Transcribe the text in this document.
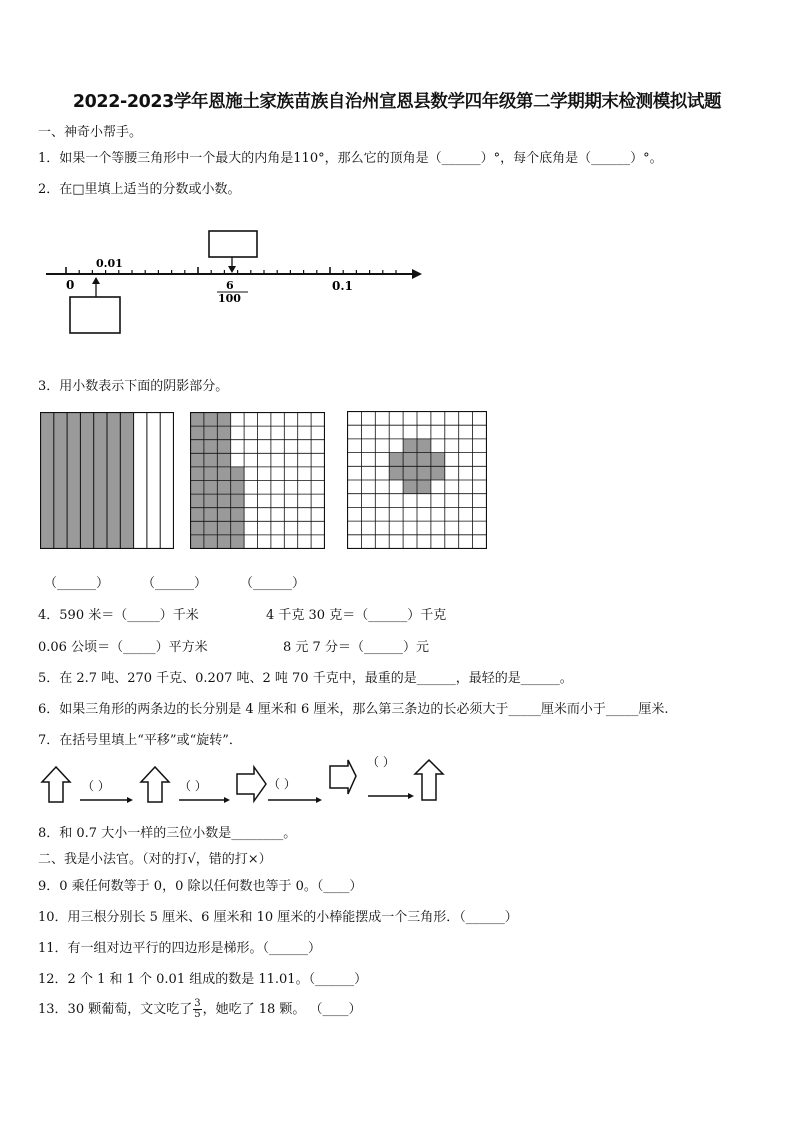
2022-2023学年恩施土家族苗族自治州宣恩县数学四年级第二学期期末检测模拟试题
一、神奇小帮手。
1．如果一个等腰三角形中一个最大的内角是110°，那么它的顶角是（______）°，每个底角是（______）°。
2．在□里填上适当的分数或小数。
0.01
0	6
100
0.1
3．用小数表示下面的阴影部分。
（______）	（______）	（______）
4．590 米＝（_____）千米	4 千克 30 克＝（______）千克
0.06 公顷＝（_____）平方米	8 元 7 分＝（______）元
5．在 2.7 吨、270 千克、0.207 吨、2 吨 70 千克中，最重的是______，最轻的是______。
6．如果三角形的两条边的长分别是 4 厘米和 6 厘米，那么第三条边的长必须大于_____厘米而小于_____厘米.
7．在括号里填上“平移”或“旋转”．
（ ）	（ ）	（ ）
（ ）
8．和 0.7 大小一样的三位小数是________。
二、我是小法官。（对的打√，错的打×）
9．0 乘任何数等于 0，0 除以任何数也等于 0。（____）
10．用三根分别长 5 厘米、6 厘米和 10 厘米的小棒能摆成一个三角形．（______）
11．有一组对边平行的四边形是梯形。（______）
12．2 个 1 和 1 个 0.01 组成的数是 11.01。（______）
13．30 颗葡萄，文文吃了 $\frac{3}{5}$ ，她吃了 18 颗。 （____）
